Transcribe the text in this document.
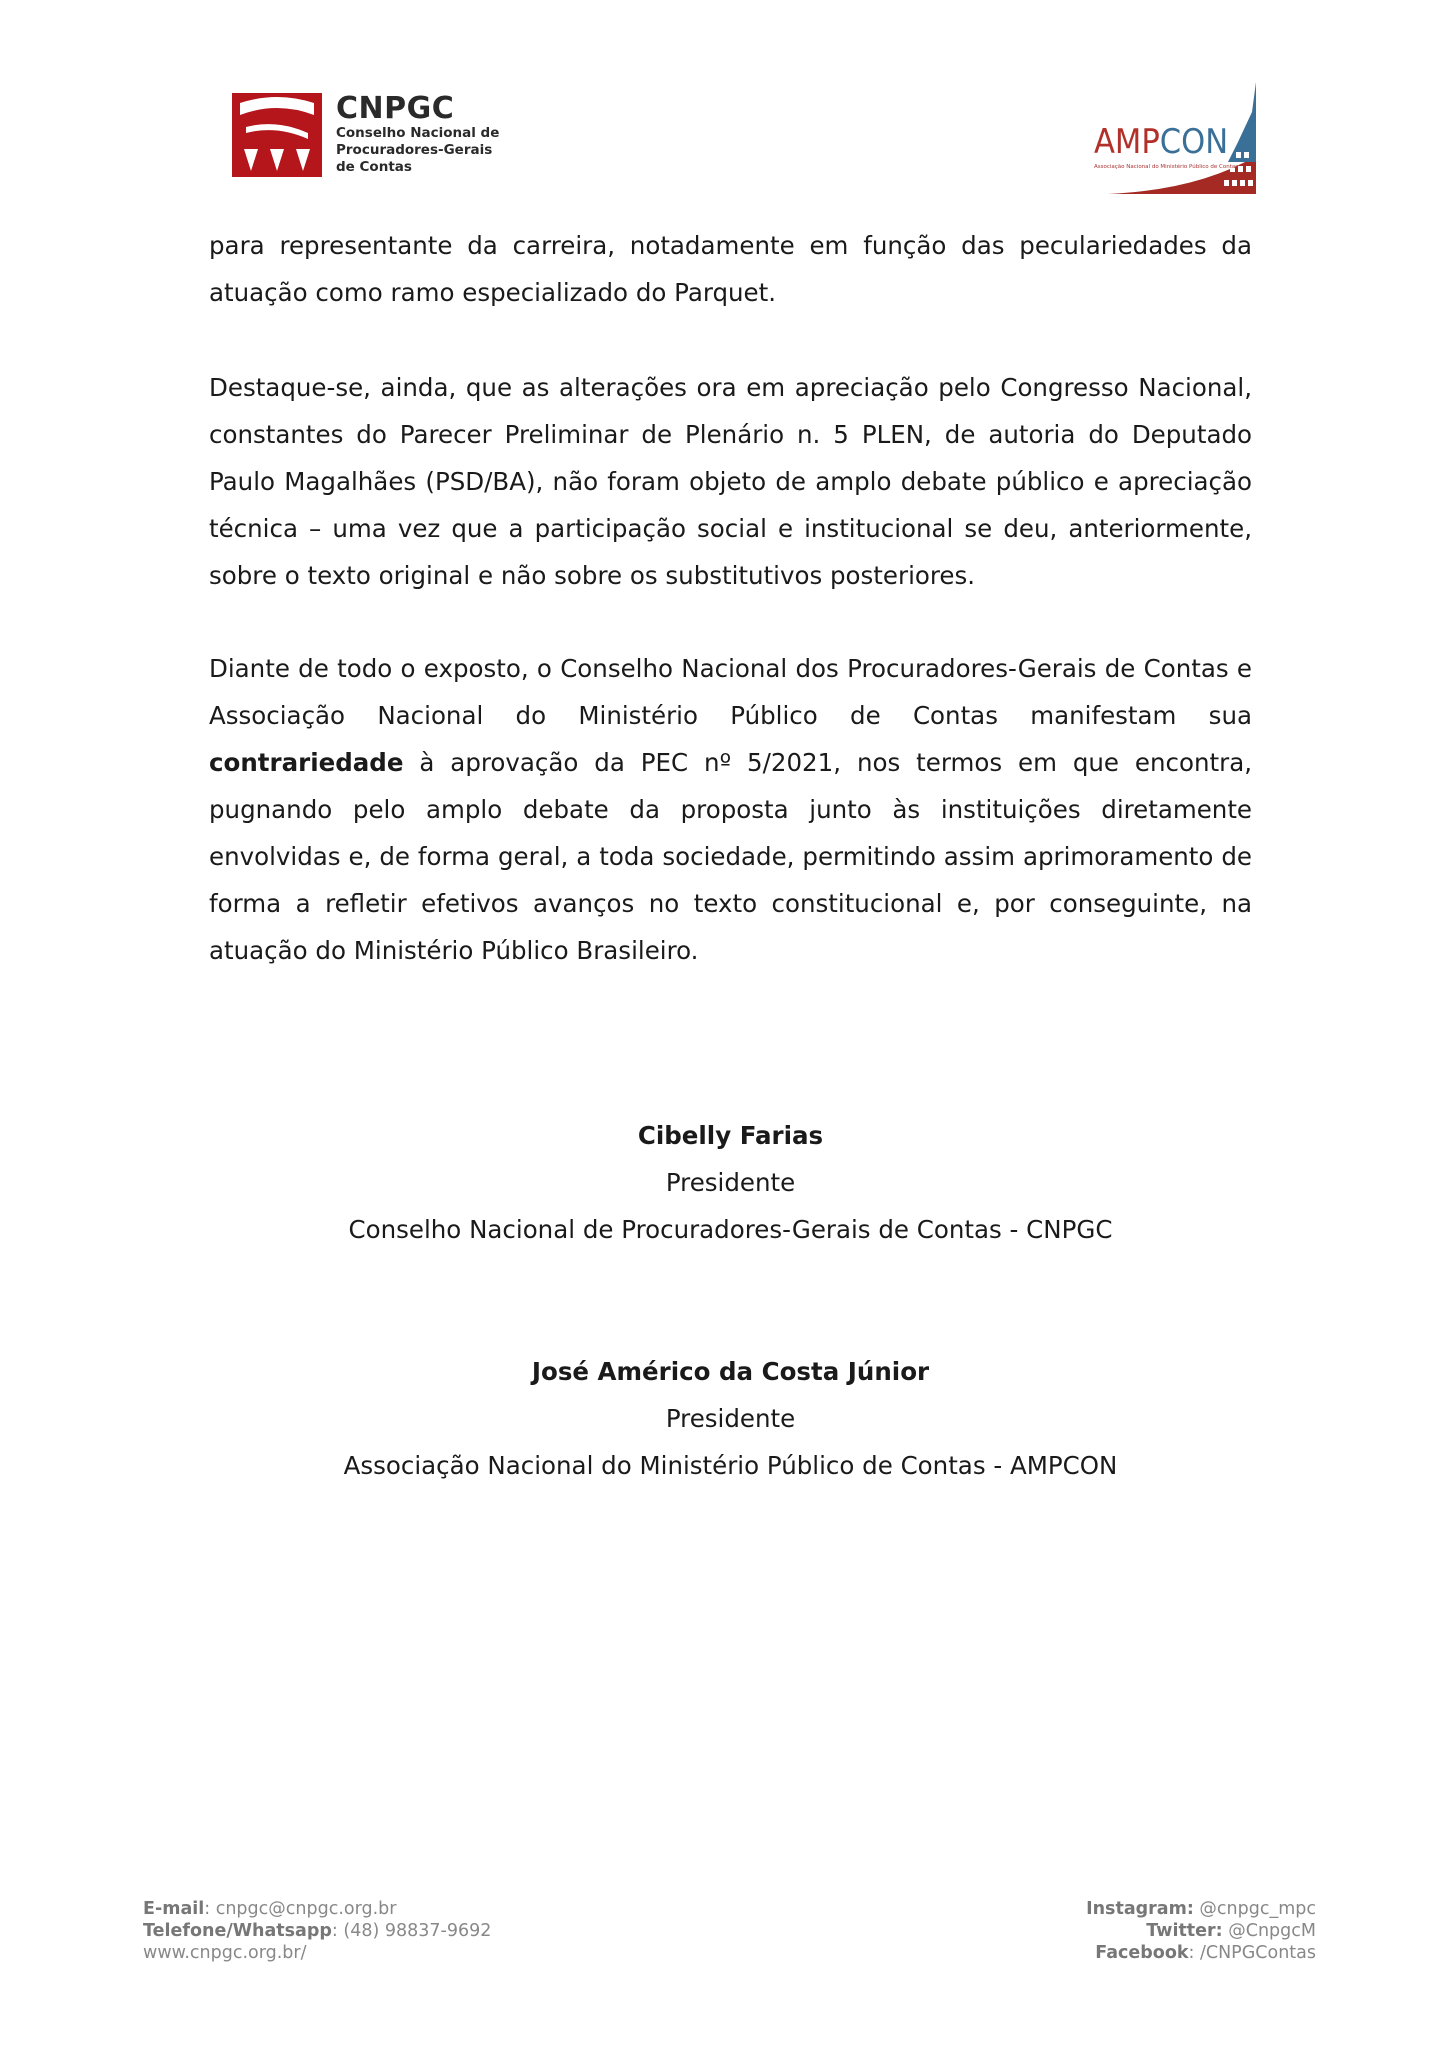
CNPGC
Conselho Nacional de
Procuradores-Gerais
de Contas
AMPCON
Associação Nacional do Ministério Público de Contas

para representante da carreira, notadamente em função das peculariedades da atuação como ramo especializado do Parquet.

Destaque-se, ainda, que as alterações ora em apreciação pelo Congresso Nacional, constantes do Parecer Preliminar de Plenário n. 5 PLEN, de autoria do Deputado Paulo Magalhães (PSD/BA), não foram objeto de amplo debate público e apreciação técnica – uma vez que a participação social e institucional se deu, anteriormente, sobre o texto original e não sobre os substitutivos posteriores.

Diante de todo o exposto, o Conselho Nacional dos Procuradores-Gerais de Contas e Associação Nacional do Ministério Público de Contas manifestam sua contrariedade à aprovação da PEC nº 5/2021, nos termos em que encontra, pugnando pelo amplo debate da proposta junto às instituições diretamente envolvidas e, de forma geral, a toda sociedade, permitindo assim aprimoramento de forma a refletir efetivos avanços no texto constitucional e, por conseguinte, na atuação do Ministério Público Brasileiro.

Cibelly Farias
Presidente
Conselho Nacional de Procuradores-Gerais de Contas - CNPGC
José Américo da Costa Júnior
Presidente
Associação Nacional do Ministério Público de Contas - AMPCON
E-mail: cnpgc@cnpgc.org.br
Telefone/Whatsapp: (48) 98837-9692
www.cnpgc.org.br/
Instagram: @cnpgc_mpc
Twitter: @CnpgcM
Facebook: /CNPGContas
